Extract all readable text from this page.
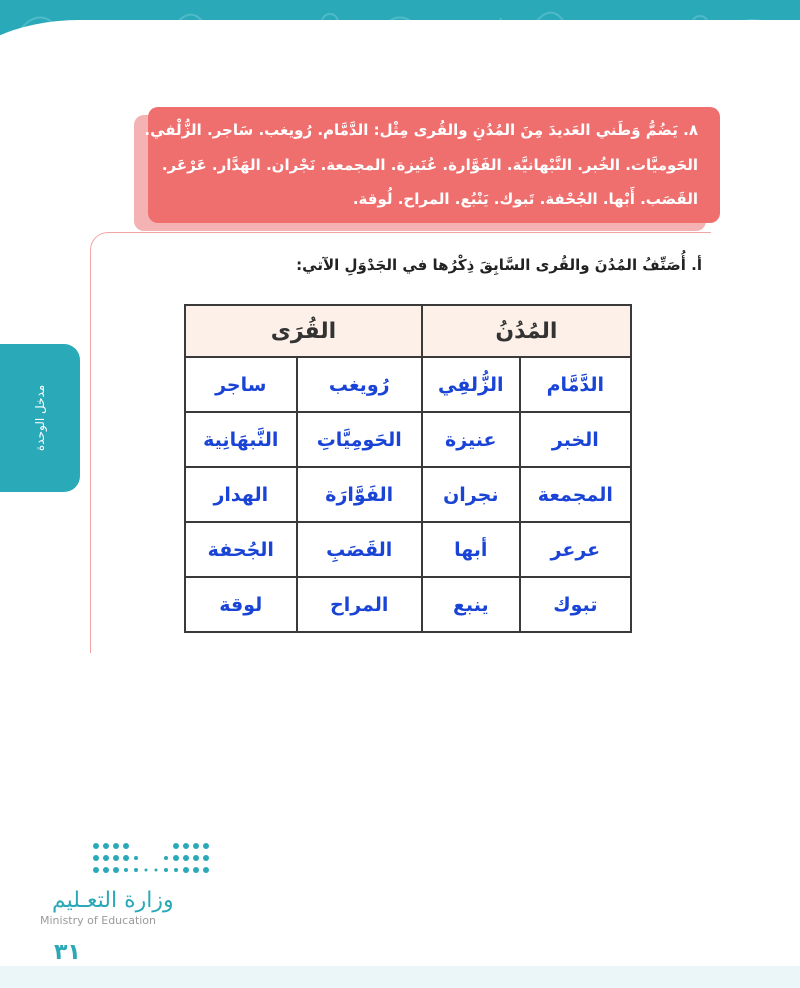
مدخل الوحدة
٨. يَضُمُّ وَطَني العَديدَ مِنَ المُدُنِ والقُرى مِثْل: الدَّمَّام. رُويغب. سَاجر. الزُّلْفي.
الحَوميَّات. الخُبر. النَّبْهانيَّة. الفَوَّارة. عُنَيزة. المجمعة. نَجْران. الهَدَّار. عَرْعَر.
القَصَب. أَبْها. الجُحْفة. تَبوك. يَنْبُع. المراح. لُوقة.
أ. أُصَنِّفُ المُدُنَ والقُرى السَّابِقَ ذِكْرُها في الجَدْوَلِ الآتي:
المُدُنُ		القُرَى	
الدَّمَّام	الزُّلفِي	رُويغب	ساجر
الخبر	عنيزة	الحَومِيَّاتِ	النَّبهَانِية
المجمعة	نجران	الفَوَّارَة	الهدار
عرعر	أبها	القَصَبِ	الجُحفة
تبوك	ينبع	المراح	لوقة
وزارة التعـليم
Ministry of Education
٣١
